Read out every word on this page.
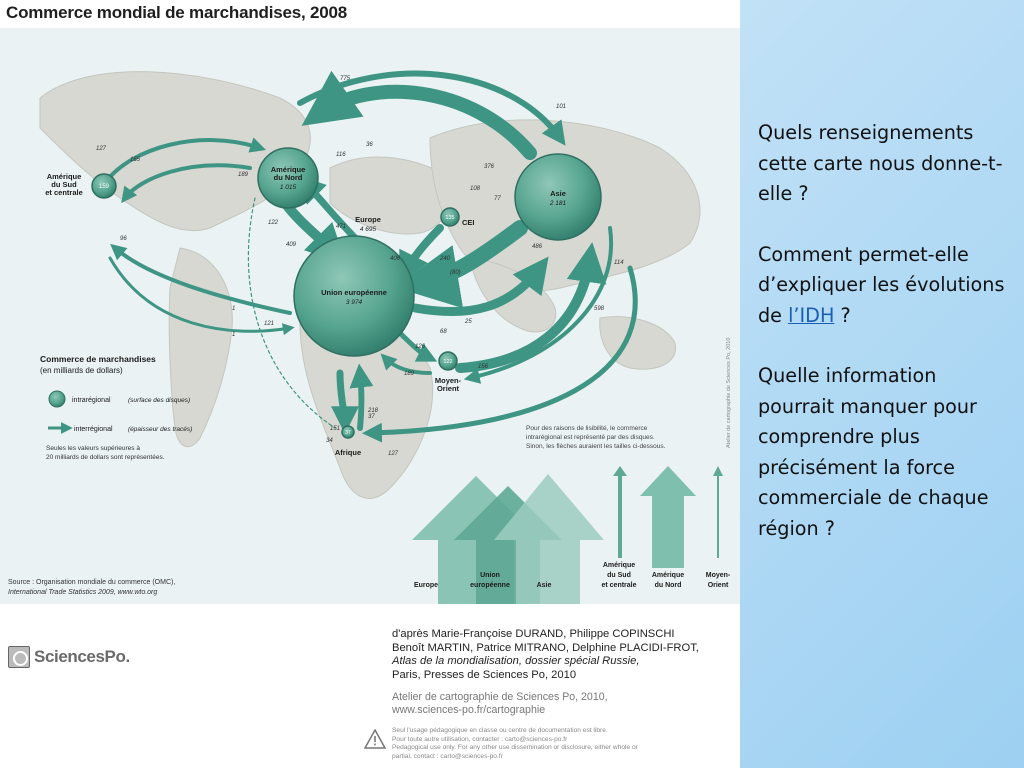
Commerce mondial de marchandises, 2008
Amérique
du Nord
1 015
Amérique
du Sud
et centrale
159
Union européenne
3 974
Asie
2 181
CEI
135
Moyen-
Orient
122
Afrique
37
Europe
4 695
775
101
127
165
189
96
116
36
376
108
77
122
409
471
406	240
(80)
486
114
598
126
189
156
68
25
218
151
37
34
127
121
1
1
Commerce de marchandises
(en milliards de dollars)
intrarégional	(surface des disques)
interrégional (épaisseur des tracés)
Seules les valeurs supérieures à
20 milliards de dollars sont représentées.
Pour des raisons de lisibilité, le commerce
intrarégional est représenté par des disques.
Sinon, les flèches auraient les tailles ci-dessous.
Europe
Union
européenne	Asie
Amérique
du Sud
et centrale
Amérique
du Nord
Moyen-
Orient
Source : Organisation mondiale du commerce (OMC),
International Trade Statistics 2009, www.wto.org
Atelier de cartographie de Sciences Po, 2010
SciencesPo.
d'après Marie-Françoise DURAND, Philippe COPINSCHI
Benoît MARTIN, Patrice MITRANO, Delphine PLACIDI-FROT,
Atlas de la mondialisation, dossier spécial Russie,
Paris, Presses de Sciences Po, 2010
Atelier de cartographie de Sciences Po, 2010,
www.sciences-po.fr/cartographie
Seul l'usage pédagogique en classe ou centre de documentation est libre.
Pour toute autre utilisation, contacter : carto@sciences-po.fr
Pedagogical use only. For any other use dissemination or disclosure, either whole or
partial, contact : carto@sciences-po.fr

Quels renseignements cette carte nous donne-t-elle ?

Comment permet-elle d’expliquer les évolutions de l’IDH ?

Quelle information pourrait manquer pour comprendre plus précisément la force commerciale de chaque région ?
